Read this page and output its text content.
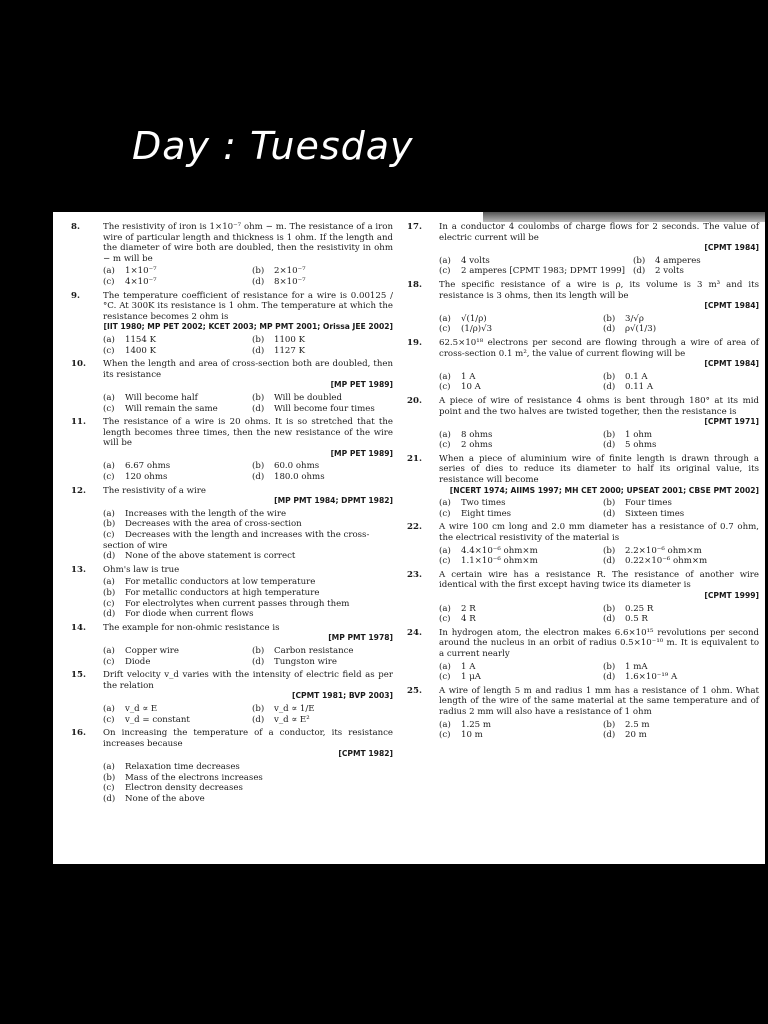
Day : Tuesday
8.	The resistivity of iron is 1×10⁻⁷ ohm − m. The resistance of a iron wire of particular length and thickness is 1 ohm. If the length and the diameter of wire both are doubled, then the resistivity in ohm − m will be
(a) 1×10⁻⁷	(b) 2×10⁻⁷
(c) 4×10⁻⁷	(d) 8×10⁻⁷
9.	The temperature coefficient of resistance for a wire is 0.00125 /°C. At 300K its resistance is 1 ohm. The temperature at which the resistance becomes 2 ohm is
[IIT 1980; MP PET 2002; KCET 2003; MP PMT 2001; Orissa JEE 2002]
(a) 1154 K	(b) 1100 K
(c) 1400 K	(d) 1127 K
10. When the length and area of cross-section both are doubled, then its resistance
[MP PET 1989]
(a) Will become half	(b) Will be doubled
(c) Will remain the same	(d) Will become four times
11. The resistance of a wire is 20 ohms. It is so stretched that the length becomes three times, then the new resistance of the wire will be
[MP PET 1989]
(a) 6.67 ohms	(b) 60.0 ohms
(c) 120 ohms	(d) 180.0 ohms
12. The resistivity of a wire
[MP PMT 1984; DPMT 1982]
(a) Increases with the length of the wire
(b) Decreases with the area of cross-section
(c) Decreases with the length and increases with the cross-section of wire
(d) None of the above statement is correct
13. Ohm's law is true
(a) For metallic conductors at low temperature
(b) For metallic conductors at high temperature
(c) For electrolytes when current passes through them
(d) For diode when current flows
14. The example for non-ohmic resistance is
[MP PMT 1978]
(a) Copper wire	(b) Carbon resistance
(c) Diode	(d) Tungston wire
15. Drift velocity v_d varies with the intensity of electric field as per the relation
[CPMT 1981; BVP 2003]
(a) v_d ∝ E	(b) v_d ∝ 1/E
(c) v_d = constant	(d) v_d ∝ E²
16. On increasing the temperature of a conductor, its resistance increases because
[CPMT 1982]
(a) Relaxation time decreases
(b) Mass of the electrons increases
(c) Electron density decreases
(d) None of the above
17. In a conductor 4 coulombs of charge flows for 2 seconds. The value of electric current will be
[CPMT 1984]
(a) 4 volts	(b) 4 amperes
(c) 2 amperes [CPMT 1983; DPMT 1999] (d) 2 volts
18. The specific resistance of a wire is ρ, its volume is 3 m³ and its resistance is 3 ohms, then its length will be
[CPMT 1984]
(a) √(1/ρ)	(b) 3/√ρ
(c) (1/ρ)√3	(d) ρ√(1/3)
19. 62.5×10¹⁸ electrons per second are flowing through a wire of area of cross-section 0.1 m², the value of current flowing will be
[CPMT 1984]
(a) 1 A	(b) 0.1 A
(c) 10 A	(d) 0.11 A
20. A piece of wire of resistance 4 ohms is bent through 180° at its mid point and the two halves are twisted together, then the resistance is
[CPMT 1971]
(a) 8 ohms	(b) 1 ohm
(c) 2 ohms	(d) 5 ohms
21. When a piece of aluminium wire of finite length is drawn through a series of dies to reduce its diameter to half its original value, its resistance will become
[NCERT 1974; AIIMS 1997; MH CET 2000; UPSEAT 2001; CBSE PMT 2002]
(a) Two times	(b) Four times
(c) Eight times	(d) Sixteen times
22. A wire 100 cm long and 2.0 mm diameter has a resistance of 0.7 ohm, the electrical resistivity of the material is
(a) 4.4×10⁻⁶ ohm×m	(b) 2.2×10⁻⁶ ohm×m
(c) 1.1×10⁻⁶ ohm×m	(d) 0.22×10⁻⁶ ohm×m
23. A certain wire has a resistance R. The resistance of another wire identical with the first except having twice its diameter is
[CPMT 1999]
(a) 2 R	(b) 0.25 R
(c) 4 R	(d) 0.5 R
24. In hydrogen atom, the electron makes 6.6×10¹⁵ revolutions per second around the nucleus in an orbit of radius 0.5×10⁻¹⁰ m. It is equivalent to a current nearly
(a) 1 A	(b) 1 mA
(c) 1 μA	(d) 1.6×10⁻¹⁹ A
25. A wire of length 5 m and radius 1 mm has a resistance of 1 ohm. What length of the wire of the same material at the same temperature and of radius 2 mm will also have a resistance of 1 ohm
(a) 1.25 m	(b) 2.5 m
(c) 10 m	(d) 20 m
